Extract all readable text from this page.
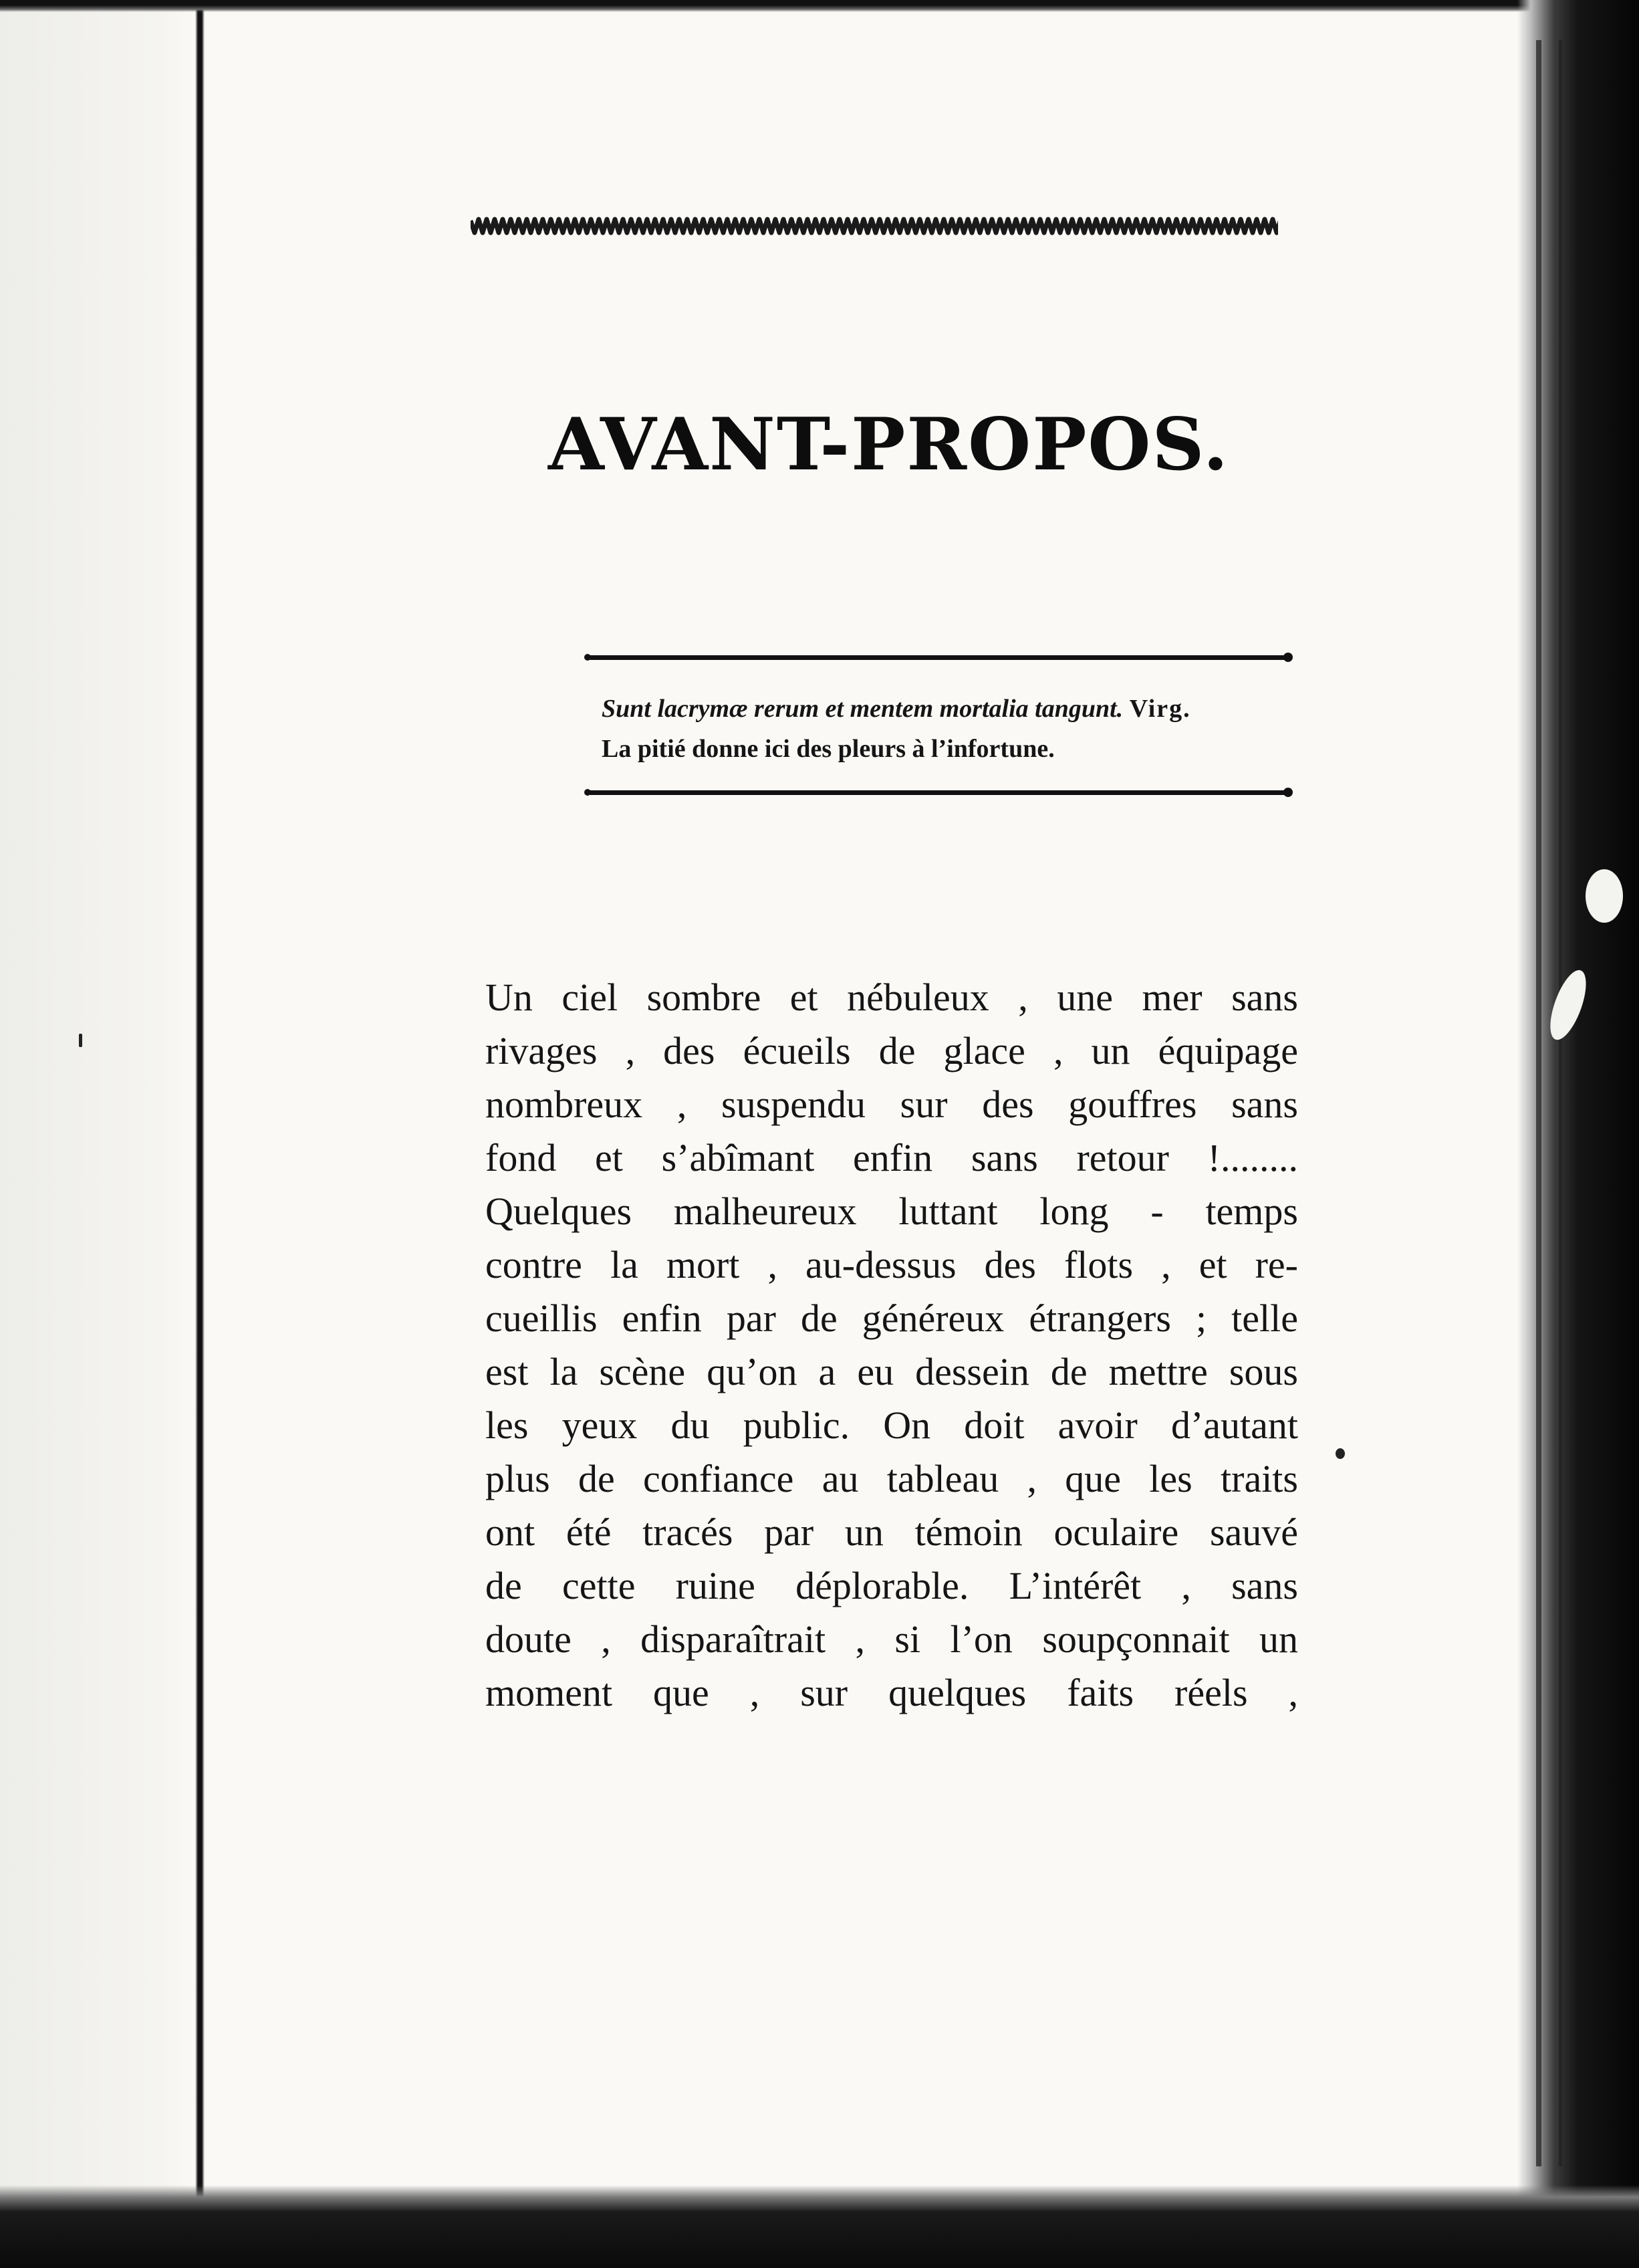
AVANT-PROPOS.
Sunt lacrymæ rerum et mentem mortalia tangunt. Virg.
La pitié donne ici des pleurs à l’infortune.
Un ciel sombre et nébuleux , une mer sans
rivages , des écueils de glace , un équipage
nombreux , suspendu sur des gouffres sans
fond et s’abîmant enfin sans retour !........
Quelques malheureux luttant long - temps
contre la mort , au-dessus des flots , et re-
cueillis enfin par de généreux étrangers ; telle
est la scène qu’on a eu dessein de mettre sous
les yeux du public. On doit avoir d’autant
plus de confiance au tableau , que les traits
ont été tracés par un témoin oculaire sauvé
de cette ruine déplorable. L’intérêt , sans
doute , disparaîtrait , si l’on soupçonnait un
moment que , sur quelques faits réels ,
